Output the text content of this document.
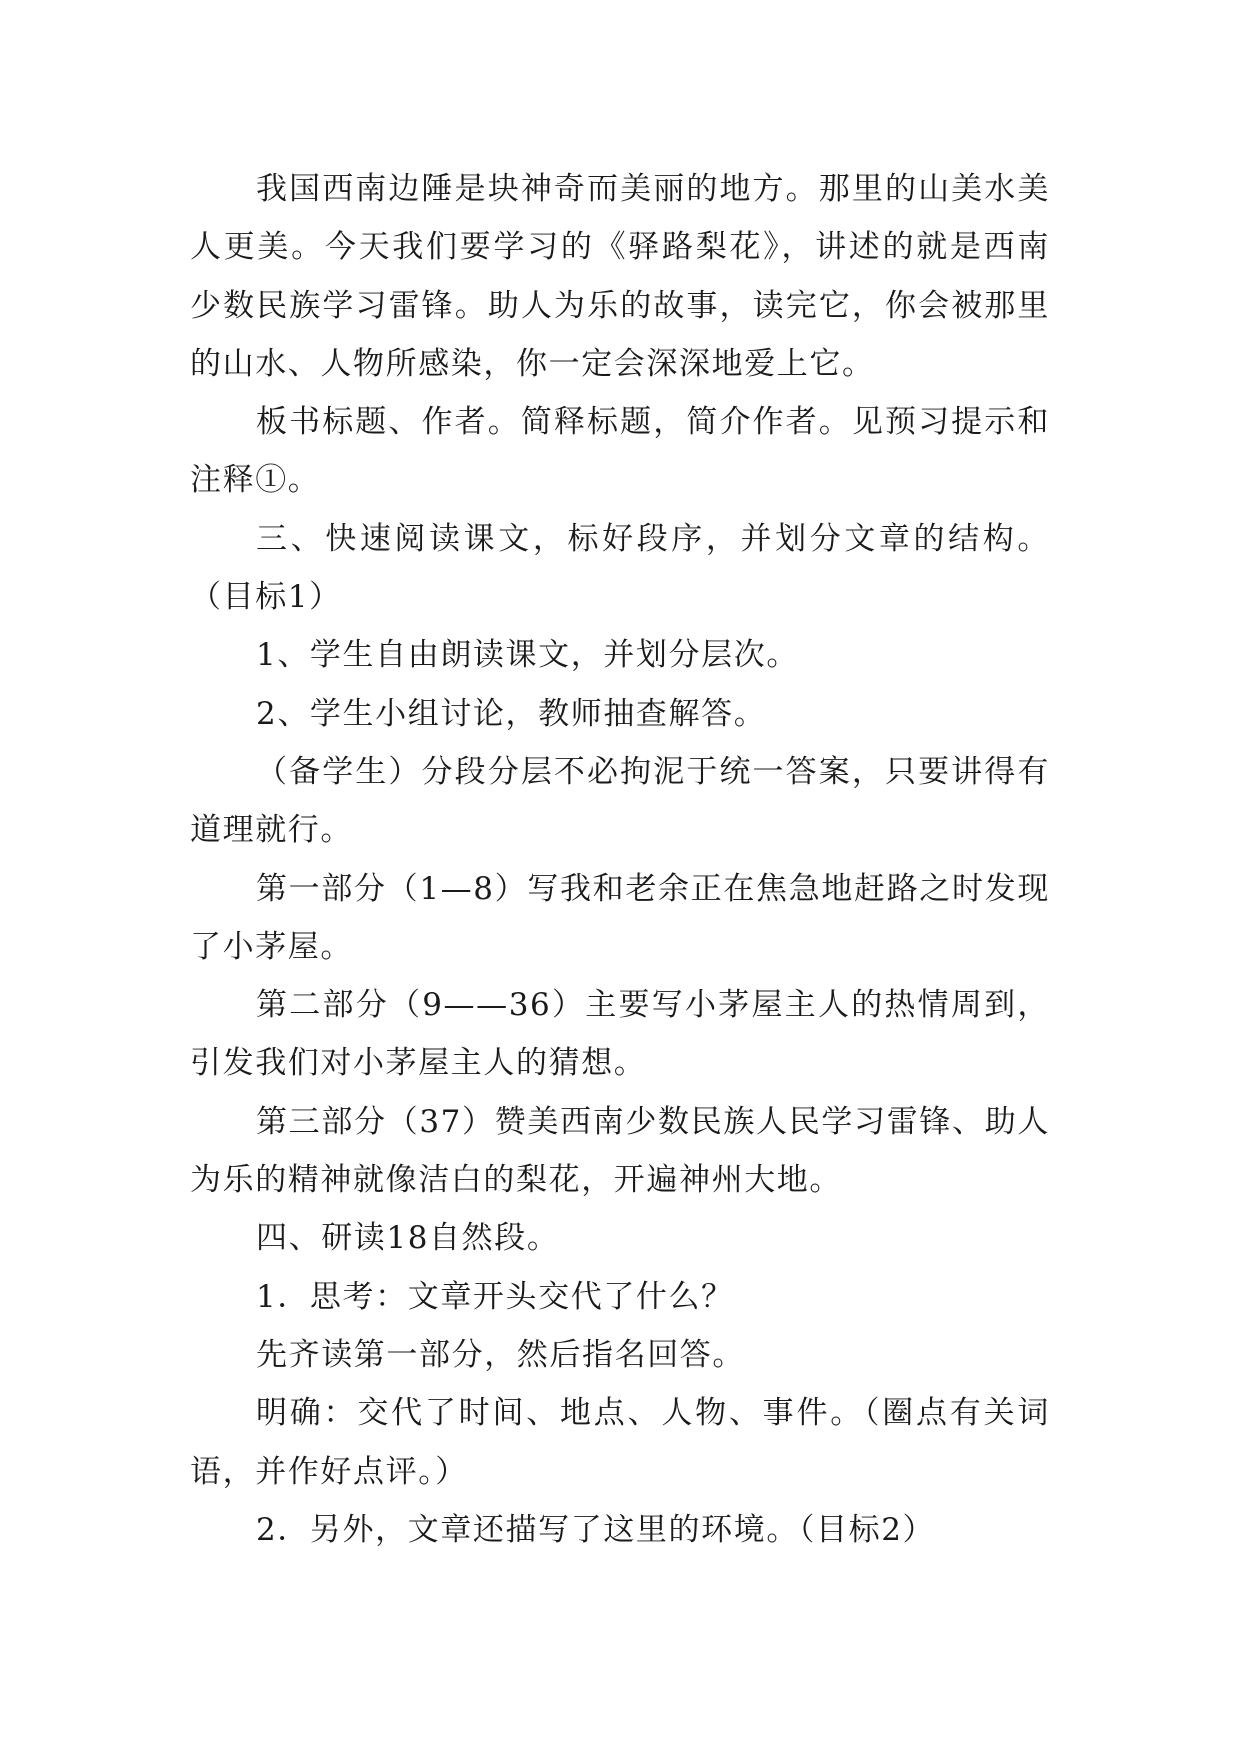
我国西南边陲是块神奇而美丽的地方。那里的山美水美人更美。今天我们要学习的《驿路梨花》，讲述的就是西南少数民族学习雷锋。助人为乐的故事，读完它，你会被那里的山水、人物所感染，你一定会深深地爱上它。

板书标题、作者。简释标题，简介作者。见预习提示和注释①。

三、快速阅读课文，标好段序，并划分文章的结构。（目标1）

1、学生自由朗读课文，并划分层次。

2、学生小组讨论，教师抽查解答。

（备学生）分段分层不必拘泥于统一答案，只要讲得有道理就行。

第一部分（1—8）写我和老余正在焦急地赶路之时发现了小茅屋。

第二部分（9——36）主要写小茅屋主人的热情周到，引发我们对小茅屋主人的猜想。

第三部分（37）赞美西南少数民族人民学习雷锋、助人为乐的精神就像洁白的梨花，开遍神州大地。

四、研读18自然段。

1．思考：文章开头交代了什么？

先齐读第一部分，然后指名回答。

明确：交代了时间、地点、人物、事件。（圈点有关词语，并作好点评。）

2．另外，文章还描写了这里的环境。（目标2）
